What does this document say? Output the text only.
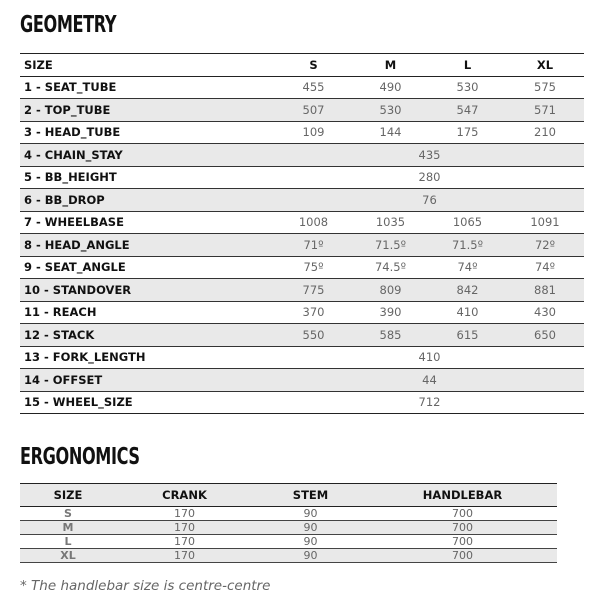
GEOMETRY
SIZE	S	M	L	XL
1 - SEAT_TUBE	455	490	530	575
2 - TOP_TUBE	507	530	547	571
3 - HEAD_TUBE	109	144	175	210
4 - CHAIN_STAY	435			
5 - BB_HEIGHT	280			
6 - BB_DROP	76			
7 - WHEELBASE	1008	1035	1065	1091
8 - HEAD_ANGLE	71º	71.5º	71.5º	72º
9 - SEAT_ANGLE	75º	74.5º	74º	74º
10 - STANDOVER	775	809	842	881
11 - REACH	370	390	410	430
12 - STACK	550	585	615	650
13 - FORK_LENGTH	410			
14 - OFFSET	44			
15 - WHEEL_SIZE	712			
ERGONOMICS
SIZE	CRANK	STEM	HANDLEBAR
S	170	90	700
M	170	90	700
L	170	90	700
XL	170	90	700

* The handlebar size is centre-centre
